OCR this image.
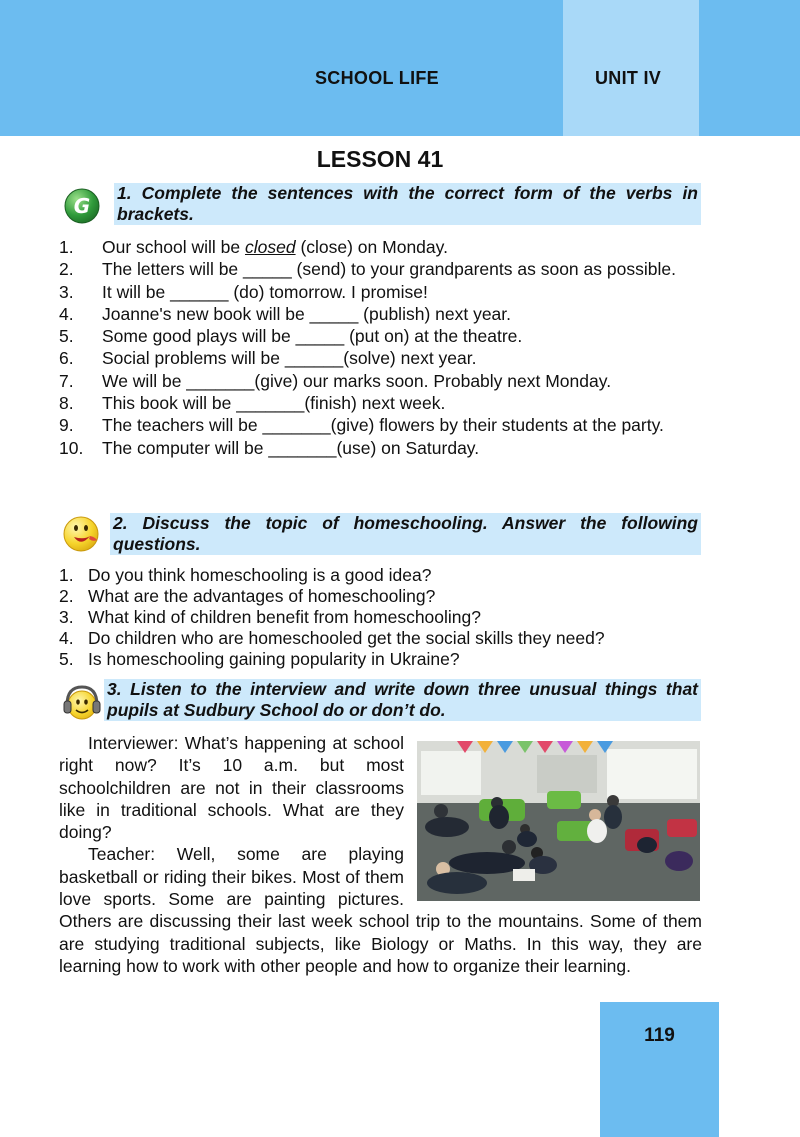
SCHOOL LIFE	UNIT IV
LESSON 41
G
1. Complete the sentences with the correct form of the verbs in brackets.
1. Our school will be closed (close) on Monday.
2. The letters will be _____ (send) to your grandparents as soon as possible.
3. It will be ______ (do) tomorrow. I promise!
4. Joanne's new book will be _____ (publish) next year.
5. Some good plays will be _____ (put on) at the theatre.
6. Social problems will be ______(solve) next year.
7. We will be _______(give) our marks soon. Probably next Monday.
8. This book will be _______(finish) next week.
9. The teachers will be _______(give) flowers by their students at the party.
10. The computer will be _______(use) on Saturday.
2. Discuss the topic of homeschooling. Answer the following questions.
1. Do you think homeschooling is a good idea?
2. What are the advantages of homeschooling?
3. What kind of children benefit from homeschooling?
4. Do children who are homeschooled get the social skills they need?
5. Is homeschooling gaining popularity in Ukraine?
3. Listen to the interview and write down three unusual things that pupils at Sudbury School do or don’t do.

Interviewer: What’s happening at school right now? It’s 10 a.m. but most schoolchildren are not in their classrooms like in traditional schools. What are they doing?

Teacher: Well, some are playing basketball or riding their bikes. Most of them love sports. Some are painting pictures. Others are discussing their last week school trip to the mountains. Some of them are studying traditional subjects, like Biology or Maths. In this way, they are learning how to work with other people and how to organize their learning.

119
